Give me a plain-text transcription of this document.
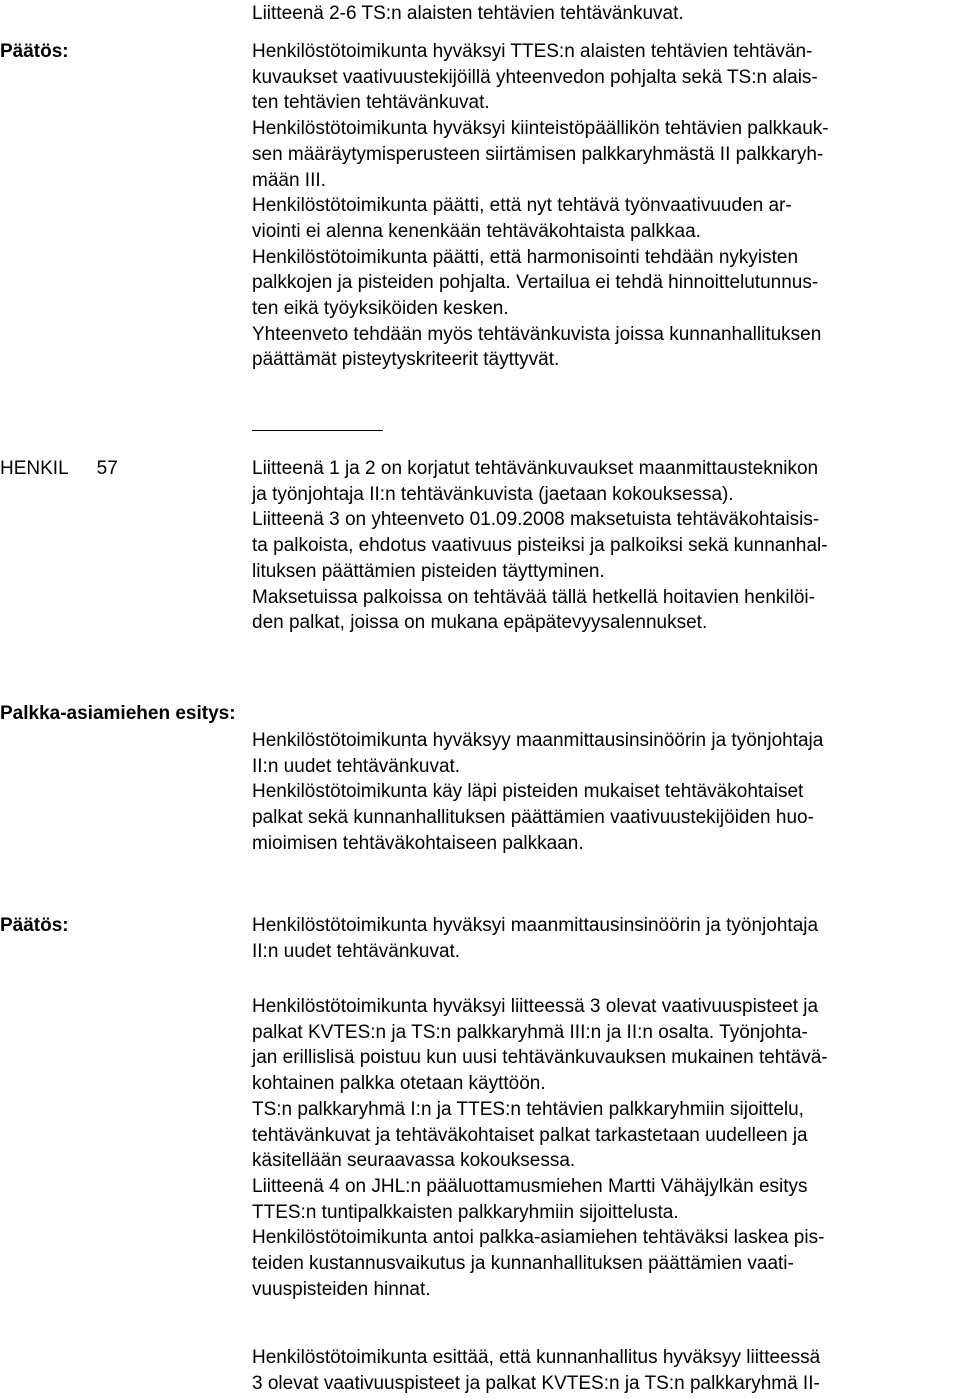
Päätös:
HENKIL 57
Palkka-asiamiehen esitys:
Päätös:
Liitteenä 2-6 TS:n alaisten tehtävien tehtävänkuvat.
Henkilöstötoimikunta hyväksyi TTES:n alaisten tehtävien tehtävän-
kuvaukset vaativuustekijöillä yhteenvedon pohjalta sekä TS:n alais-
ten tehtävien tehtävänkuvat.
Henkilöstötoimikunta hyväksyi kiinteistöpäällikön tehtävien palkkauk-
sen määräytymisperusteen siirtämisen palkkaryhmästä II palkkaryh-
mään III.
Henkilöstötoimikunta päätti, että nyt tehtävä työnvaativuuden ar-
viointi ei alenna kenenkään tehtäväkohtaista palkkaa.
Henkilöstötoimikunta päätti, että harmonisointi tehdään nykyisten
palkkojen ja pisteiden pohjalta. Vertailua ei tehdä hinnoittelutunnus-
ten eikä työyksiköiden kesken.
Yhteenveto tehdään myös tehtävänkuvista joissa kunnanhallituksen
päättämät pisteytyskriteerit täyttyvät.
Liitteenä 1 ja 2 on korjatut tehtävänkuvaukset maanmittausteknikon
ja työnjohtaja II:n tehtävänkuvista (jaetaan kokouksessa).
Liitteenä 3 on yhteenveto 01.09.2008 maksetuista tehtäväkohtaisis-
ta palkoista, ehdotus vaativuus pisteiksi ja palkoiksi sekä kunnanhal-
lituksen päättämien pisteiden täyttyminen.
Maksetuissa palkoissa on tehtävää tällä hetkellä hoitavien henkilöi-
den palkat, joissa on mukana epäpätevyysalennukset.
Henkilöstötoimikunta hyväksyy maanmittausinsinöörin ja työnjohtaja
II:n uudet tehtävänkuvat.
Henkilöstötoimikunta käy läpi pisteiden mukaiset tehtäväkohtaiset
palkat sekä kunnanhallituksen päättämien vaativuustekijöiden huo-
mioimisen tehtäväkohtaiseen palkkaan.
Henkilöstötoimikunta hyväksyi maanmittausinsinöörin ja työnjohtaja
II:n uudet tehtävänkuvat.
Henkilöstötoimikunta hyväksyi liitteessä 3 olevat vaativuuspisteet ja
palkat KVTES:n ja TS:n palkkaryhmä III:n ja II:n osalta. Työnjohta-
jan erillislisä poistuu kun uusi tehtävänkuvauksen mukainen tehtävä-
kohtainen palkka otetaan käyttöön.
TS:n palkkaryhmä I:n ja TTES:n tehtävien palkkaryhmiin sijoittelu,
tehtävänkuvat ja tehtäväkohtaiset palkat tarkastetaan uudelleen ja
käsitellään seuraavassa kokouksessa.
Liitteenä 4 on JHL:n pääluottamusmiehen Martti Vähäjylkän esitys
TTES:n tuntipalkkaisten palkkaryhmiin sijoittelusta.
Henkilöstötoimikunta antoi palkka-asiamiehen tehtäväksi laskea pis-
teiden kustannusvaikutus ja kunnanhallituksen päättämien vaati-
vuuspisteiden hinnat.
Henkilöstötoimikunta esittää, että kunnanhallitus hyväksyy liitteessä
3 olevat vaativuuspisteet ja palkat KVTES:n ja TS:n palkkaryhmä II-
